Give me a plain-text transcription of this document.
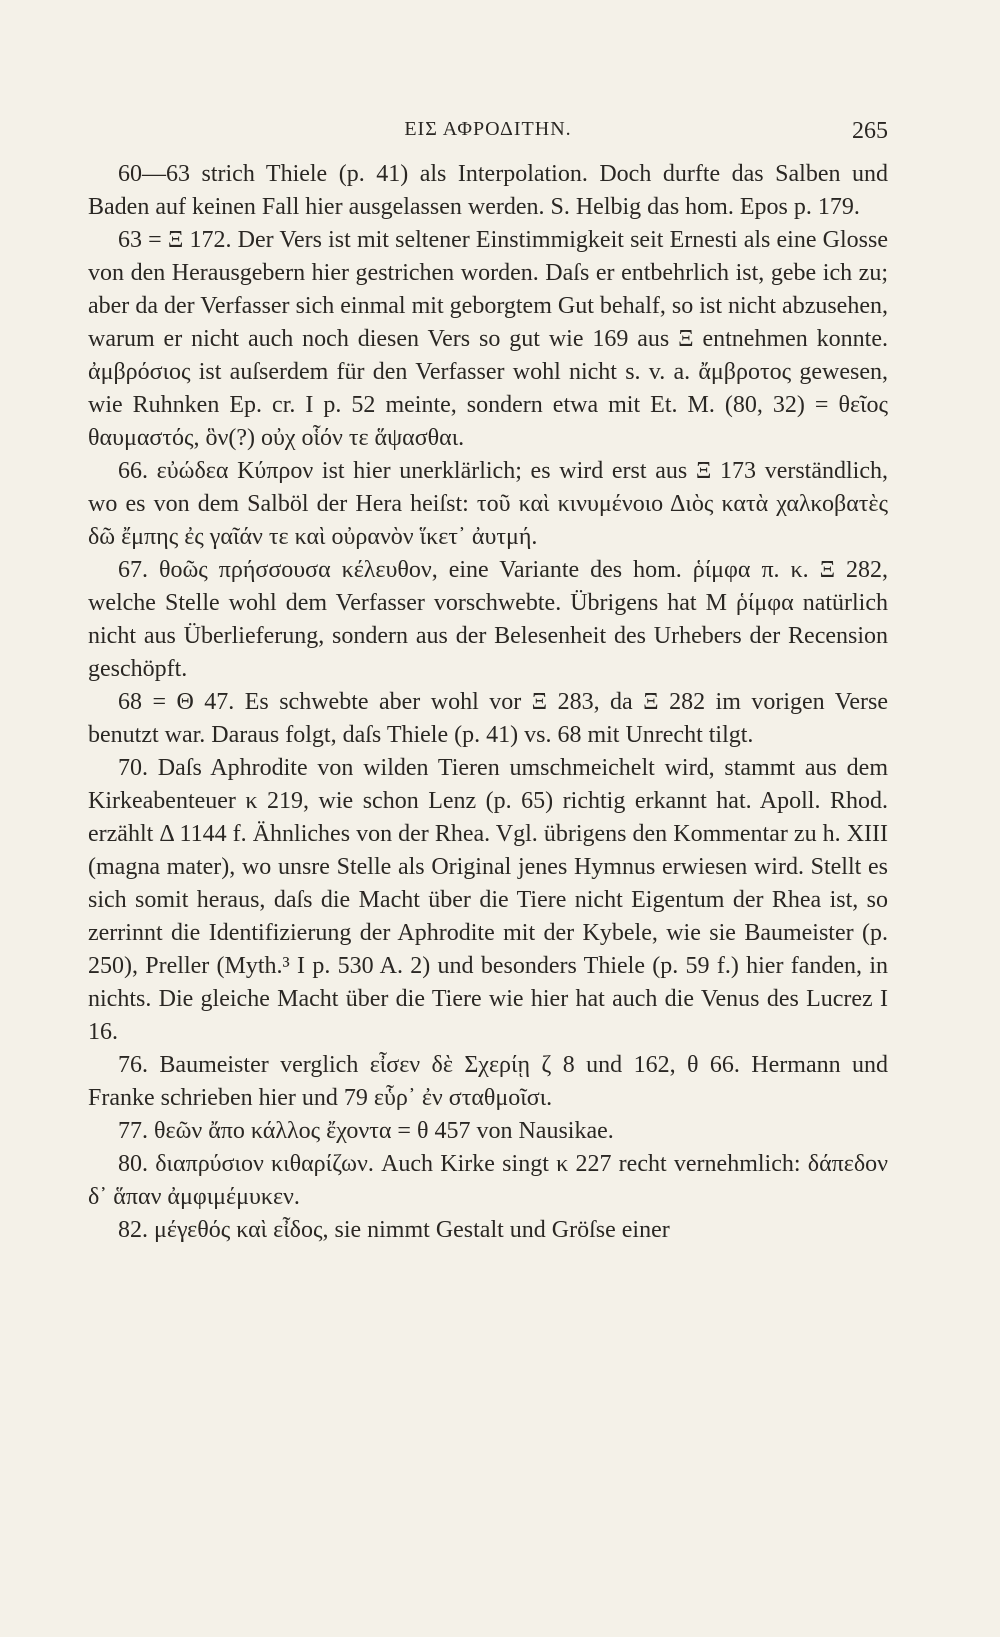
ΕΙΣ ΑΦΡΟΔΙΤΗΝ.	265

60—63 strich Thiele (p. 41) als Interpolation. Doch durfte das Salben und Baden auf keinen Fall hier ausgelassen werden. S. Helbig das hom. Epos p. 179.

63 = Ξ 172. Der Vers ist mit seltener Einstimmigkeit seit Ernesti als eine Glosse von den Herausgebern hier gestrichen worden. Daſs er entbehrlich ist, gebe ich zu; aber da der Verfasser sich einmal mit geborgtem Gut behalf, so ist nicht abzusehen, warum er nicht auch noch diesen Vers so gut wie 169 aus Ξ entnehmen konnte. ἀμβρόσιος ist auſserdem für den Verfasser wohl nicht s. v. a. ἄμβροτος gewesen, wie Ruhnken Ep. cr. I p. 52 meinte, sondern etwa mit Et. M. (80, 32) = θεῖος θαυμαστός, ὃν(?) οὐχ οἷόν τε ἅψασθαι.

66. εὐώδεα Κύπρον ist hier unerklärlich; es wird erst aus Ξ 173 verständlich, wo es von dem Salböl der Hera heiſst: τοῦ καὶ κινυμένοιο Διὸς κατὰ χαλκοβατὲς δῶ ἔμπης ἐς γαῖάν τε καὶ οὐρανὸν ἵκετ᾽ ἀυτμή.

67. θοῶς πρήσσουσα κέλευθον, eine Variante des hom. ῥίμφα π. κ. Ξ 282, welche Stelle wohl dem Verfasser vorschwebte. Übrigens hat M ῥίμφα natürlich nicht aus Überlieferung, sondern aus der Belesenheit des Urhebers der Recension geschöpft.

68 = Θ 47. Es schwebte aber wohl vor Ξ 283, da Ξ 282 im vorigen Verse benutzt war. Daraus folgt, daſs Thiele (p. 41) vs. 68 mit Unrecht tilgt.

70. Daſs Aphrodite von wilden Tieren umschmeichelt wird, stammt aus dem Kirkeabenteuer κ 219, wie schon Lenz (p. 65) richtig erkannt hat. Apoll. Rhod. erzählt Δ 1144 f. Ähnliches von der Rhea. Vgl. übrigens den Kommentar zu h. XIII (magna mater), wo unsre Stelle als Original jenes Hymnus erwiesen wird. Stellt es sich somit heraus, daſs die Macht über die Tiere nicht Eigentum der Rhea ist, so zerrinnt die Identifizierung der Aphrodite mit der Kybele, wie sie Baumeister (p. 250), Preller (Myth.³ I p. 530 A. 2) und besonders Thiele (p. 59 f.) hier fanden, in nichts. Die gleiche Macht über die Tiere wie hier hat auch die Venus des Lucrez I 16.

76. Baumeister verglich εἶσεν δὲ Σχερίῃ ζ 8 und 162, θ 66. Hermann und Franke schrieben hier und 79 εὗρ᾽ ἐν σταθμοῖσι.

77. θεῶν ἄπο κάλλος ἔχοντα = θ 457 von Nausikae.

80. διαπρύσιον κιθαρίζων. Auch Kirke singt κ 227 recht vernehmlich: δάπεδον δ᾽ ἅπαν ἀμφιμέμυκεν.

82. μέγεθός καὶ εἶδος, sie nimmt Gestalt und Gröſse einer
